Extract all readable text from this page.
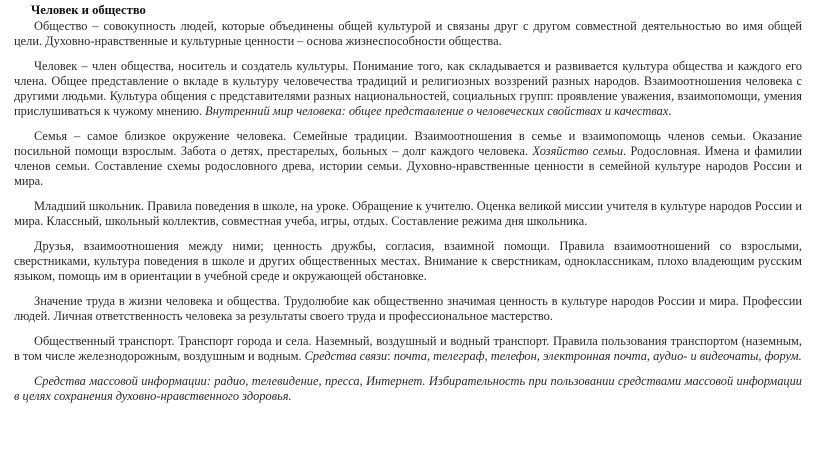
Человек и общество

Общество – совокупность людей, которые объединены общей культурой и связаны друг с другом совместной деятельностью во имя общей цели. Духовно-нравственные и культурные ценности – основа жизнеспособности общества.

Человек – член общества, носитель и создатель культуры. Понимание того, как складывается и развивается культура общества и каждого его члена. Общее представление о вкладе в культуру человечества традиций и религиозных воззрений разных народов. Взаимоотношения человека с другими людьми. Культура общения с представителями разных национальностей, социальных групп: проявление уважения, взаимопомощи, умения прислушиваться к чужому мнению. Внутренний мир человека: общее представление о человеческих свойствах и качествах.

Семья – самое близкое окружение человека. Семейные традиции. Взаимоотношения в семье и взаимопомощь членов семьи. Оказание посильной помощи взрослым. Забота о детях, престарелых, больных – долг каждого человека. Хозяйство семьи. Родословная. Имена и фамилии членов семьи. Составление схемы родословного древа, истории семьи. Духовно-нравственные ценности в семейной культуре народов России и мира.

Младший школьник. Правила поведения в школе, на уроке. Обращение к учителю. Оценка великой миссии учителя в культуре народов России и мира. Классный, школьный коллектив, совместная учеба, игры, отдых. Составление режима дня школьника.

Друзья, взаимоотношения между ними; ценность дружбы, согласия, взаимной помощи. Правила взаимоотношений со взрослыми, сверстниками, культура поведения в школе и других общественных местах. Внимание к сверстникам, одноклассникам, плохо владеющим русским языком, помощь им в ориентации в учебной среде и окружающей обстановке.

Значение труда в жизни человека и общества. Трудолюбие как общественно значимая ценность в культуре народов России и мира. Профессии людей. Личная ответственность человека за результаты своего труда и профессиональное мастерство.

Общественный транспорт. Транспорт города и села. Наземный, воздушный и водный транспорт. Правила пользования транспортом (наземным, в том числе железнодорожным, воздушным и водным. Средства связи: почта, телеграф, телефон, электронная почта, аудио- и видеочаты, форум.

Средства массовой информации: радио, телевидение, пресса, Интернет. Избирательность при пользовании средствами массовой информации в целях сохранения духовно-нравственного здоровья.
